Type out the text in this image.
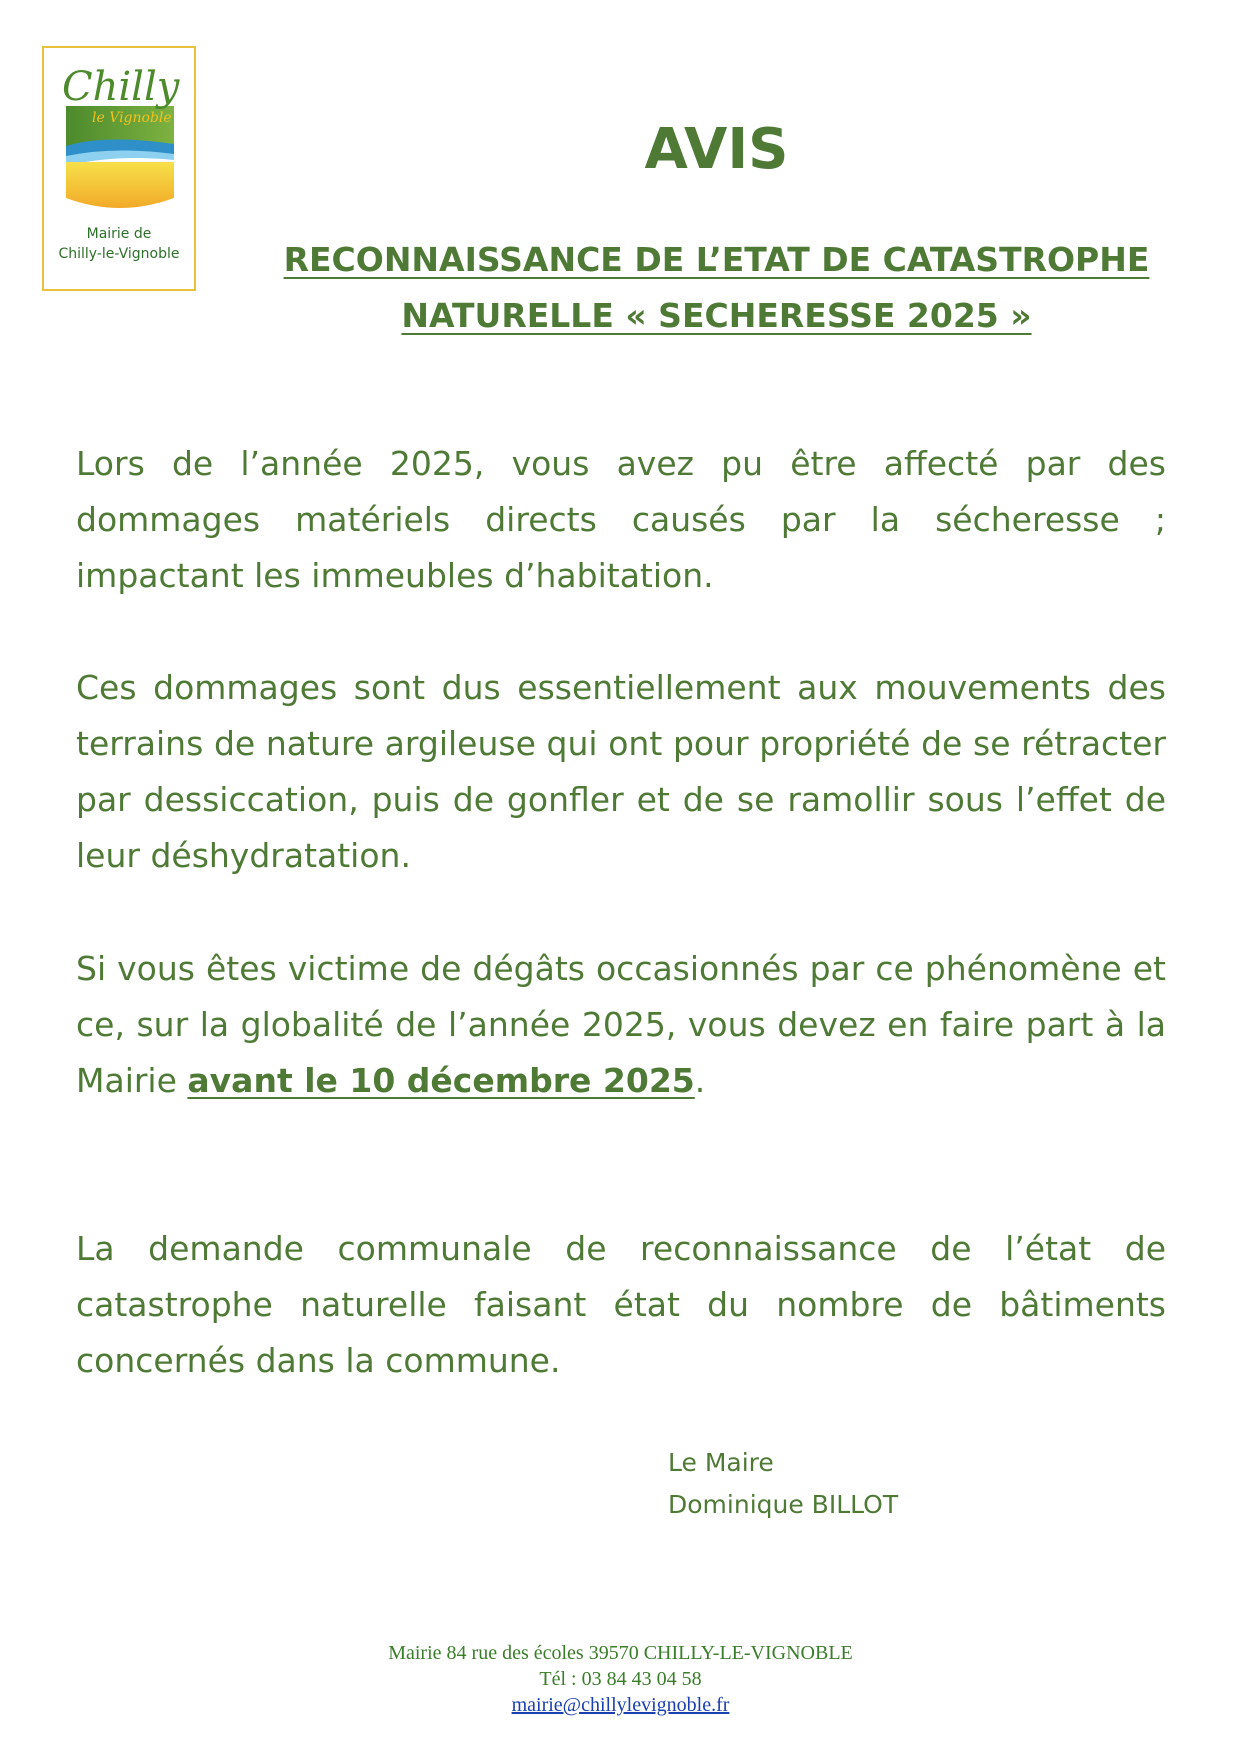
Chilly
le Vignoble
Mairie de
Chilly-le-Vignoble
AVIS
RECONNAISSANCE DE L’ETAT DE CATASTROPHE
NATURELLE « SECHERESSE 2025 »

Lors de l’année 2025, vous avez pu être affecté par des dommages matériels directs causés par la sécheresse ; impactant les immeubles d’habitation.

Ces dommages sont dus essentiellement aux mouvements des terrains de nature argileuse qui ont pour propriété de se rétracter par dessiccation, puis de gonfler et de se ramollir sous l’effet de leur déshydratation.

Si vous êtes victime de dégâts occasionnés par ce phénomène et ce, sur la globalité de l’année 2025, vous devez en faire part à la Mairie avant le 10 décembre 2025.

La demande communale de reconnaissance de l’état de catastrophe naturelle faisant état du nombre de bâtiments concernés dans la commune.

Le Maire
Dominique BILLOT
Mairie 84 rue des écoles 39570 CHILLY-LE-VIGNOBLE
Tél : 03 84 43 04 58
mairie@chillylevignoble.fr
